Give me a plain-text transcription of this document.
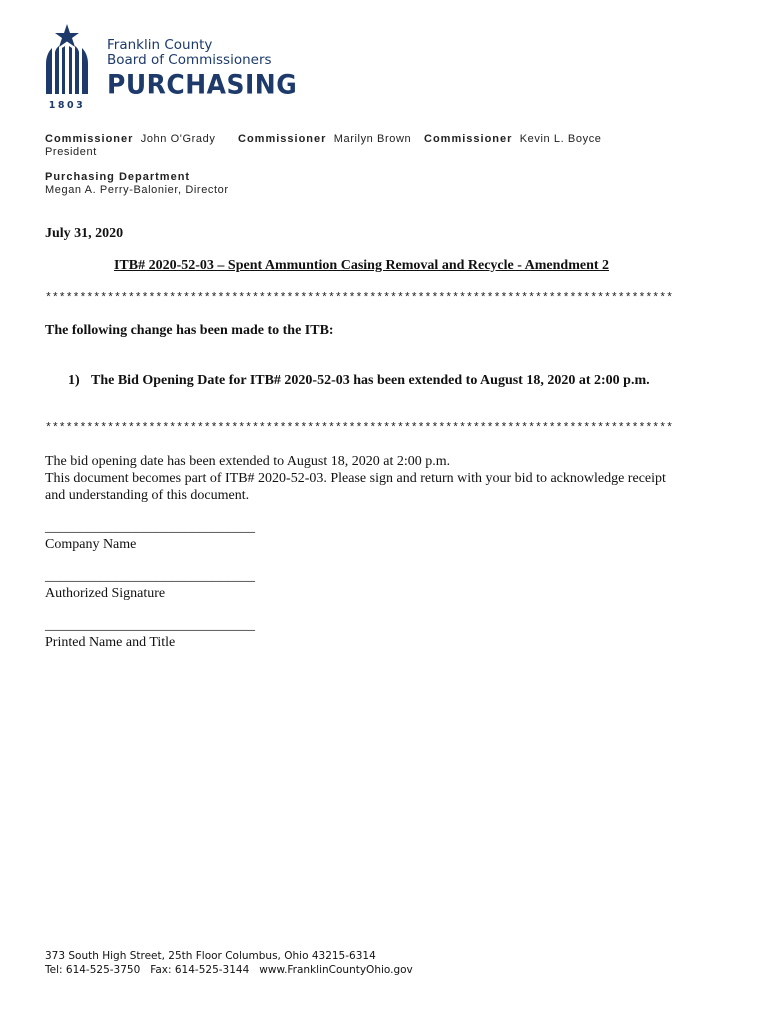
1803
Franklin County
Board of Commissioners
PURCHASING
Commissioner John O'Grady
President
Commissioner Marilyn Brown Commissioner Kevin L. Boyce
Purchasing Department
Megan A. Perry-Balonier, Director
July 31, 2020
ITB# 2020-52-03 – Spent Ammuntion Casing Removal and Recycle - Amendment 2
*******************************************************************************************
The following change has been made to the ITB:
1) The Bid Opening Date for ITB# 2020-52-03 has been extended to August 18, 2020 at 2:00 p.m.
*******************************************************************************************
The bid opening date has been extended to August 18, 2020 at 2:00 p.m.
This document becomes part of ITB# 2020-52-03. Please sign and return with your bid to acknowledge receipt
and understanding of this document.
______________________________
Company Name
______________________________
Authorized Signature
______________________________
Printed Name and Title
373 South High Street, 25th Floor Columbus, Ohio 43215-6314
Tel: 614-525-3750   Fax: 614-525-3144   www.FranklinCountyOhio.gov
